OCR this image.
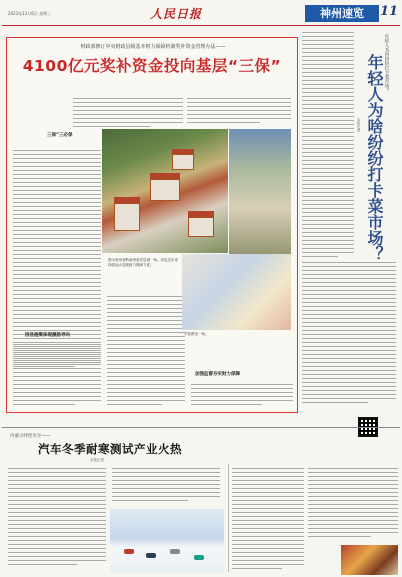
2023年12月6日 星期三	人民日报	神州速览	11
财政部修订中央财政县级基本财力保障机制奖补资金管理办法——
4100亿元奖补资金投向基层“三保”
三保”三必保
因县施策体现激励导向
加强监督夯实财力保障
图为贵州省黔南州瓮安县城一角。该县近年来持续加大县级财力保障力度。
学校教室一角。
年轻人为何纷纷打卡菜市场？
年轻人为啥纷纷打卡菜市场？
本报记者
内蒙古呼伦贝尔——
汽车冬季耐寒测试产业火热
本报记者
